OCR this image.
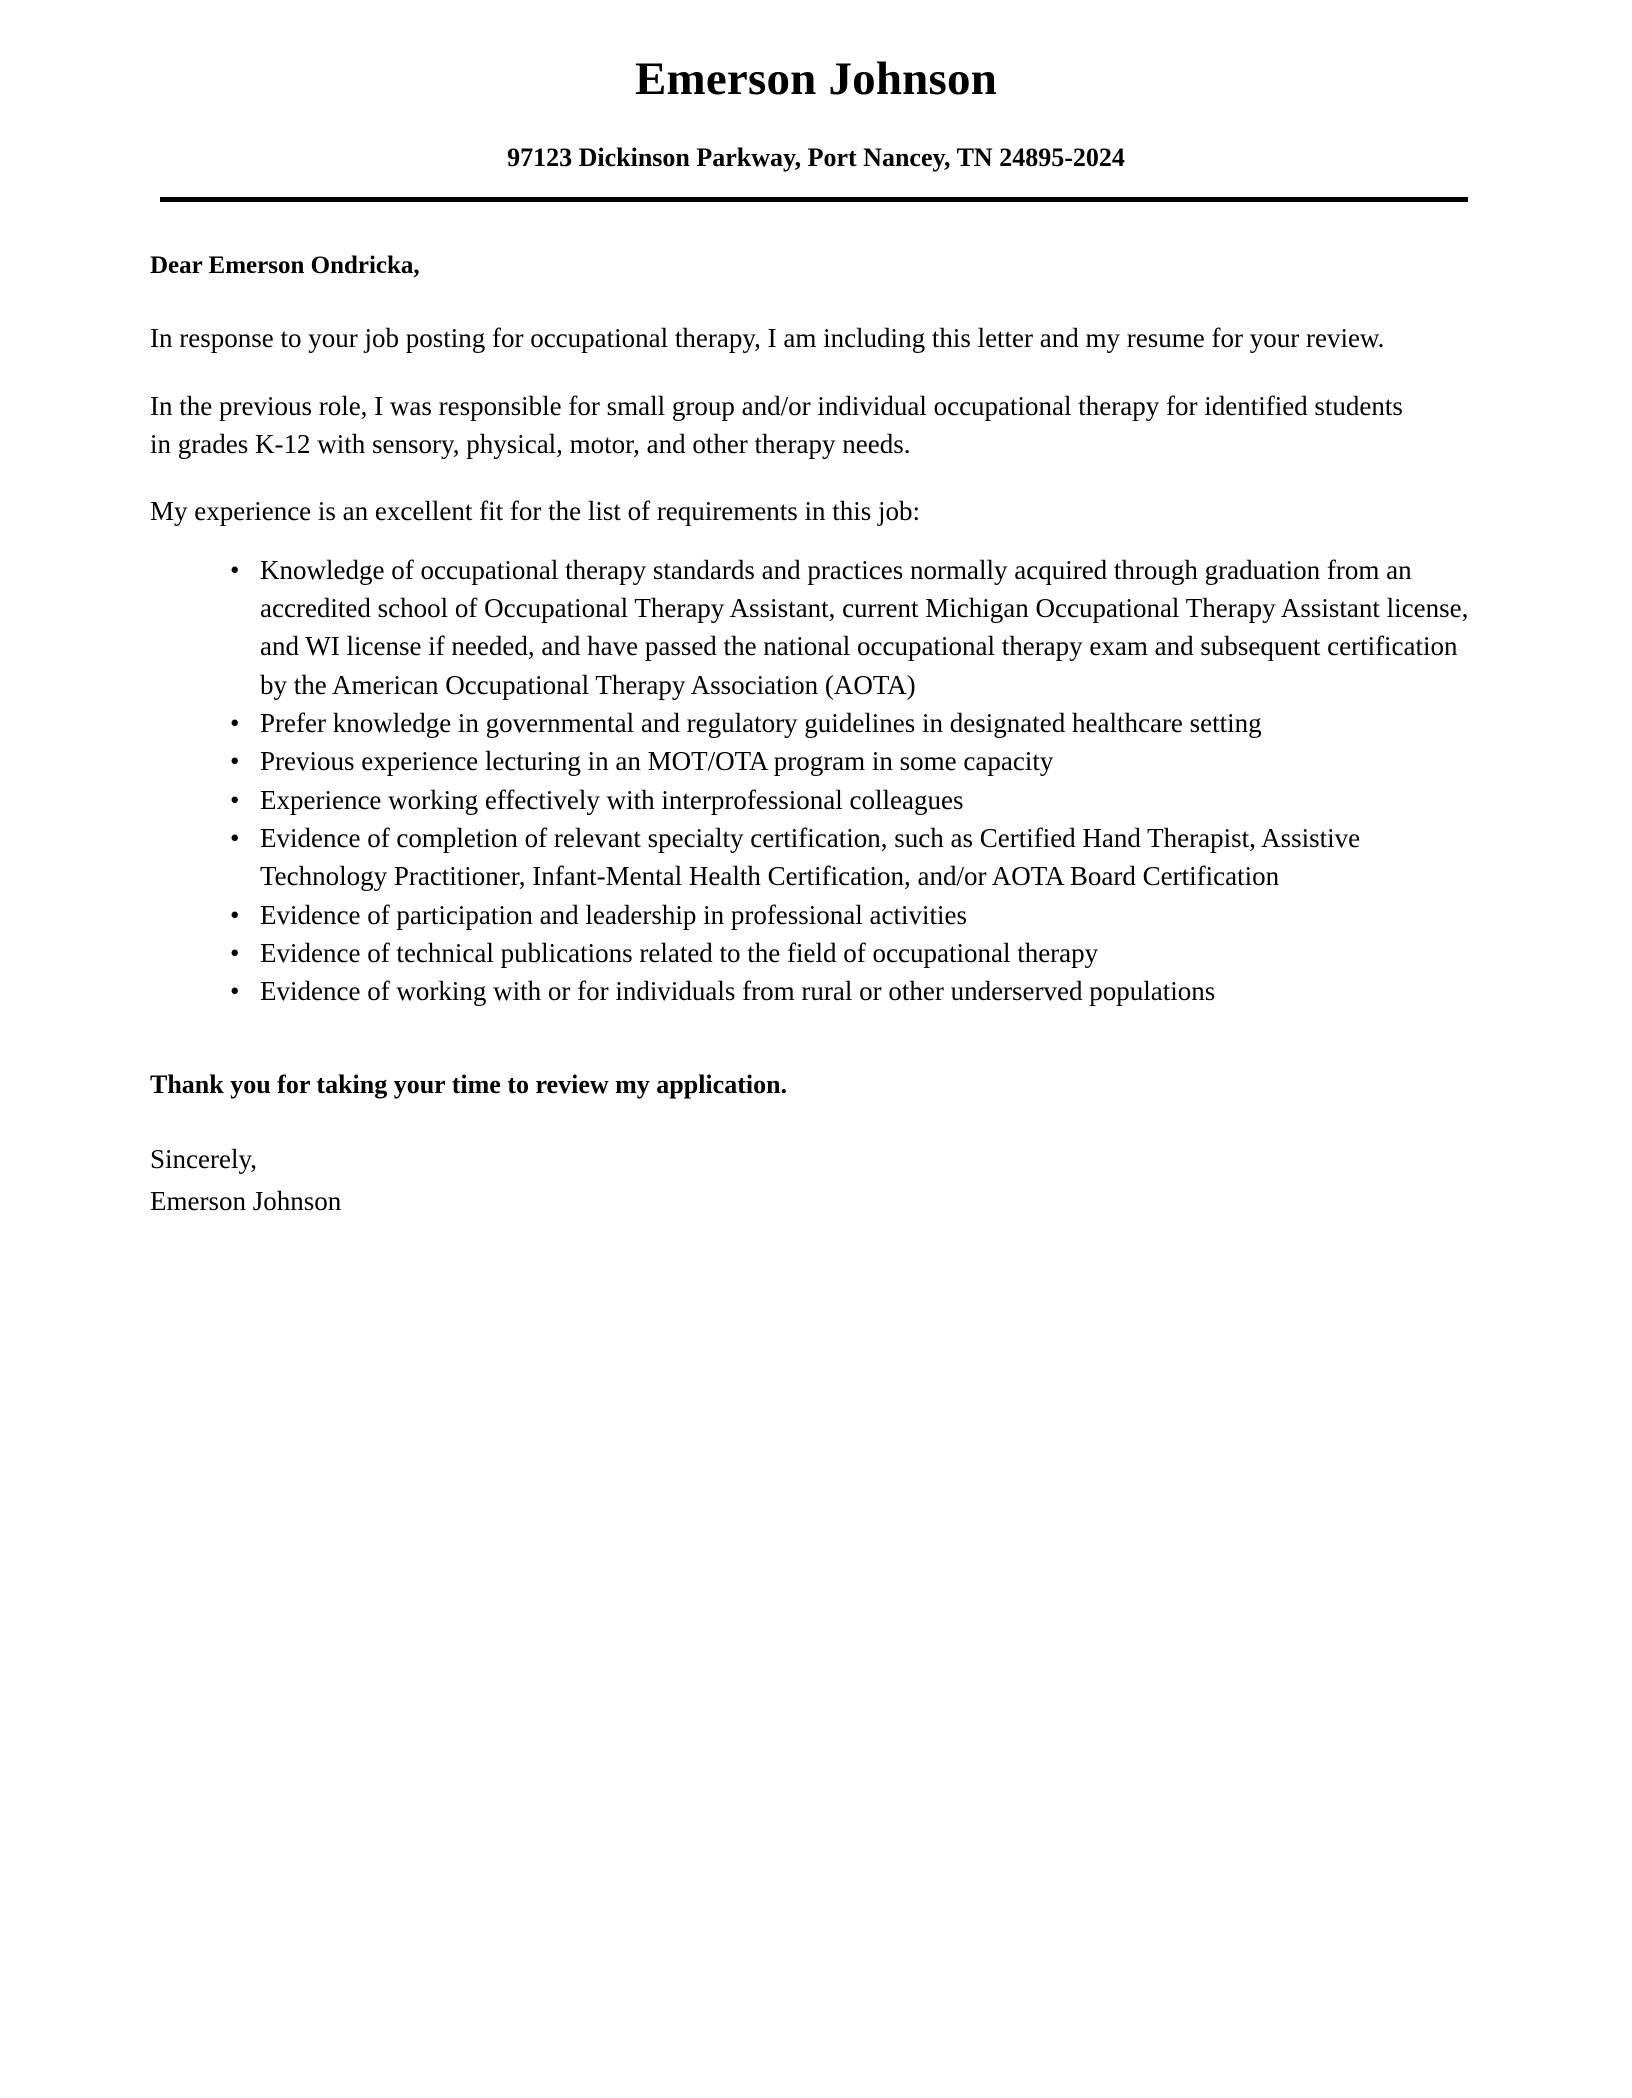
Emerson Johnson
97123 Dickinson Parkway, Port Nancey, TN 24895-2024

Dear Emerson Ondricka,

In response to your job posting for occupational therapy, I am including this letter and my resume for your review.

In the previous role, I was responsible for small group and/or individual occupational therapy for identified students in grades K-12 with sensory, physical, motor, and other therapy needs.

My experience is an excellent fit for the list of requirements in this job:

• Knowledge of occupational therapy standards and practices normally acquired through graduation from an accredited school of Occupational Therapy Assistant, current Michigan Occupational Therapy Assistant license, and WI license if needed, and have passed the national occupational therapy exam and subsequent certification by the American Occupational Therapy Association (AOTA)
• Prefer knowledge in governmental and regulatory guidelines in designated healthcare setting
• Previous experience lecturing in an MOT/OTA program in some capacity
• Experience working effectively with interprofessional colleagues
• Evidence of completion of relevant specialty certification, such as Certified Hand Therapist, Assistive Technology Practitioner, Infant-Mental Health Certification, and/or AOTA Board Certification
• Evidence of participation and leadership in professional activities
• Evidence of technical publications related to the field of occupational therapy
• Evidence of working with or for individuals from rural or other underserved populations

Thank you for taking your time to review my application.

Sincerely,

Emerson Johnson
